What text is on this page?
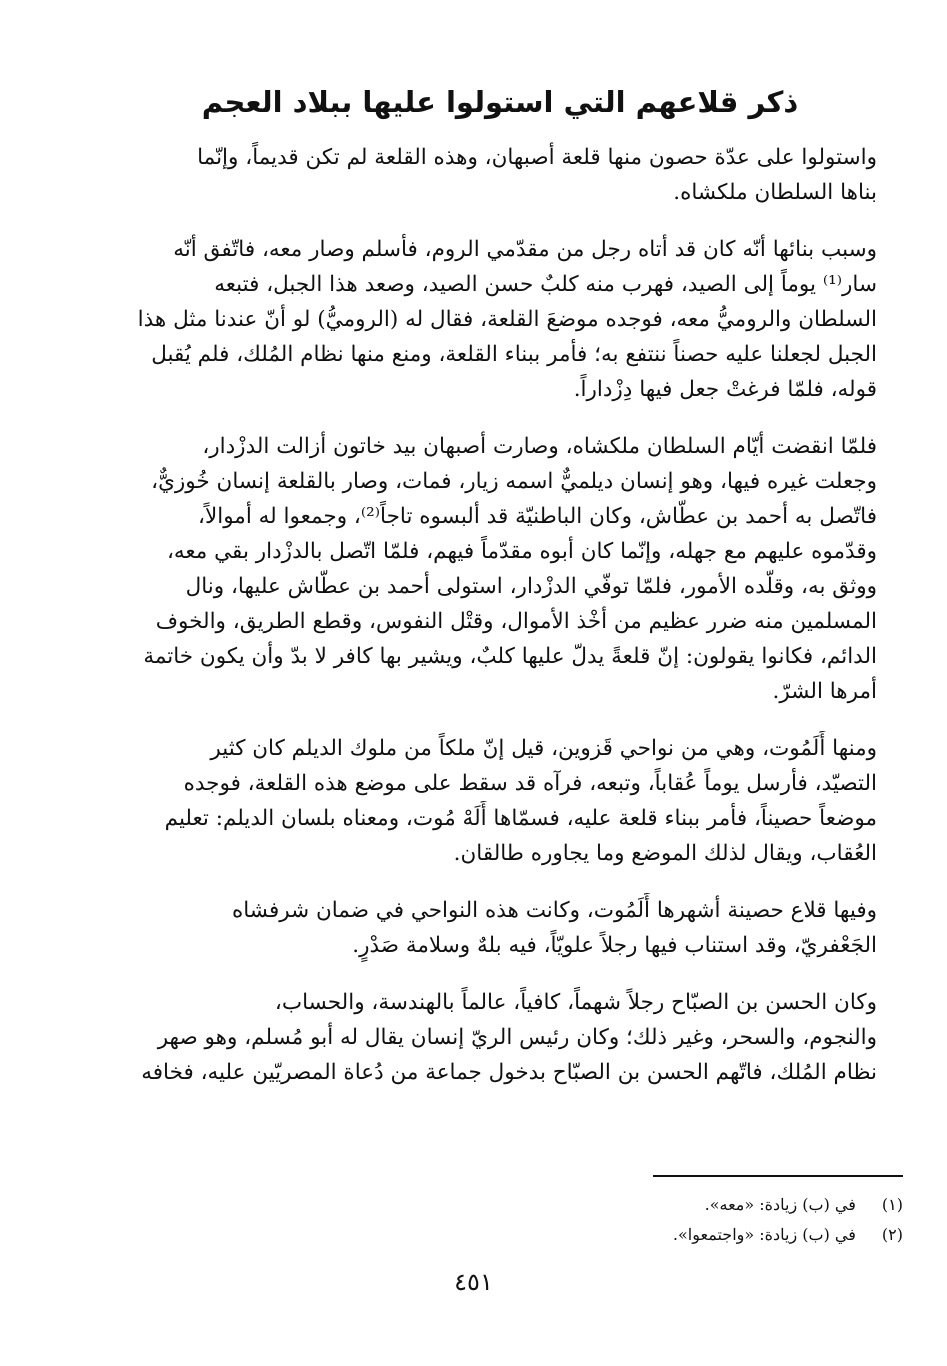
ذكر قلاعهم التي استولوا عليها ببلاد العجم

واستولوا على عدّة حصون منها قلعة أصبهان، وهذه القلعة لم تكن قديماً، وإنّما
بناها السلطان ملكشاه.

وسبب بنائها أنّه كان قد أتاه رجل من مقدّمي الروم، فأسلم وصار معه، فاتّفق أنّه
سار⁽¹⁾ يوماً إلى الصيد، فهرب منه كلبٌ حسن الصيد، وصعد هذا الجبل، فتبعه
السلطان والروميُّ معه، فوجده موضعَ القلعة، فقال له (الروميُّ) لو أنّ عندنا مثل هذا
الجبل لجعلنا عليه حصناً ننتفع به؛ فأمر ببناء القلعة، ومنع منها نظام المُلك، فلم يُقبل
قوله، فلمّا فرغتْ جعل فيها دِزْداراً.

فلمّا انقضت أيّام السلطان ملكشاه، وصارت أصبهان بيد خاتون أزالت الدزْدار،
وجعلت غيره فيها، وهو إنسان ديلميٌّ اسمه زيار، فمات، وصار بالقلعة إنسان خُوزيٌّ،
فاتّصل به أحمد بن عطّاش، وكان الباطنيّة قد ألبسوه تاجاً⁽²⁾، وجمعوا له أموالاً،
وقدّموه عليهم مع جهله، وإنّما كان أبوه مقدّماً فيهم، فلمّا اتّصل بالدزْدار بقي معه،
ووثق به، وقلّده الأمور، فلمّا توفّي الدزْدار، استولى أحمد بن عطّاش عليها، ونال
المسلمين منه ضرر عظيم من أخْذ الأموال، وقتْل النفوس، وقطع الطريق، والخوف
الدائم، فكانوا يقولون: إنّ قلعةً يدلّ عليها كلبٌ، ويشير بها كافر لا بدّ وأن يكون خاتمة
أمرها الشرّ.

ومنها أَلَمُوت، وهي من نواحي قَزوين، قيل إنّ ملكاً من ملوك الديلم كان كثير
التصيّد، فأرسل يوماً عُقاباً، وتبعه، فرآه قد سقط على موضع هذه القلعة، فوجده
موضعاً حصيناً، فأمر ببناء قلعة عليه، فسمّاها أَلَهْ مُوت، ومعناه بلسان الديلم: تعليم
العُقاب، ويقال لذلك الموضع وما يجاوره طالقان.

وفيها قلاع حصينة أشهرها أَلَمُوت، وكانت هذه النواحي في ضمان شرفشاه
الجَعْفريّ، وقد استناب فيها رجلاً علويّاً، فيه بلهٌ وسلامة صَدْرٍ.

وكان الحسن بن الصبّاح رجلاً شهماً، كافياً، عالماً بالهندسة، والحساب،
والنجوم، والسحر، وغير ذلك؛ وكان رئيس الريّ إنسان يقال له أبو مُسلم، وهو صهر
نظام المُلك، فاتّهم الحسن بن الصبّاح بدخول جماعة من دُعاة المصريّين عليه، فخافه

(١) في (ب) زيادة: «معه».
(٢) في (ب) زيادة: «واجتمعوا».
٤٥١
